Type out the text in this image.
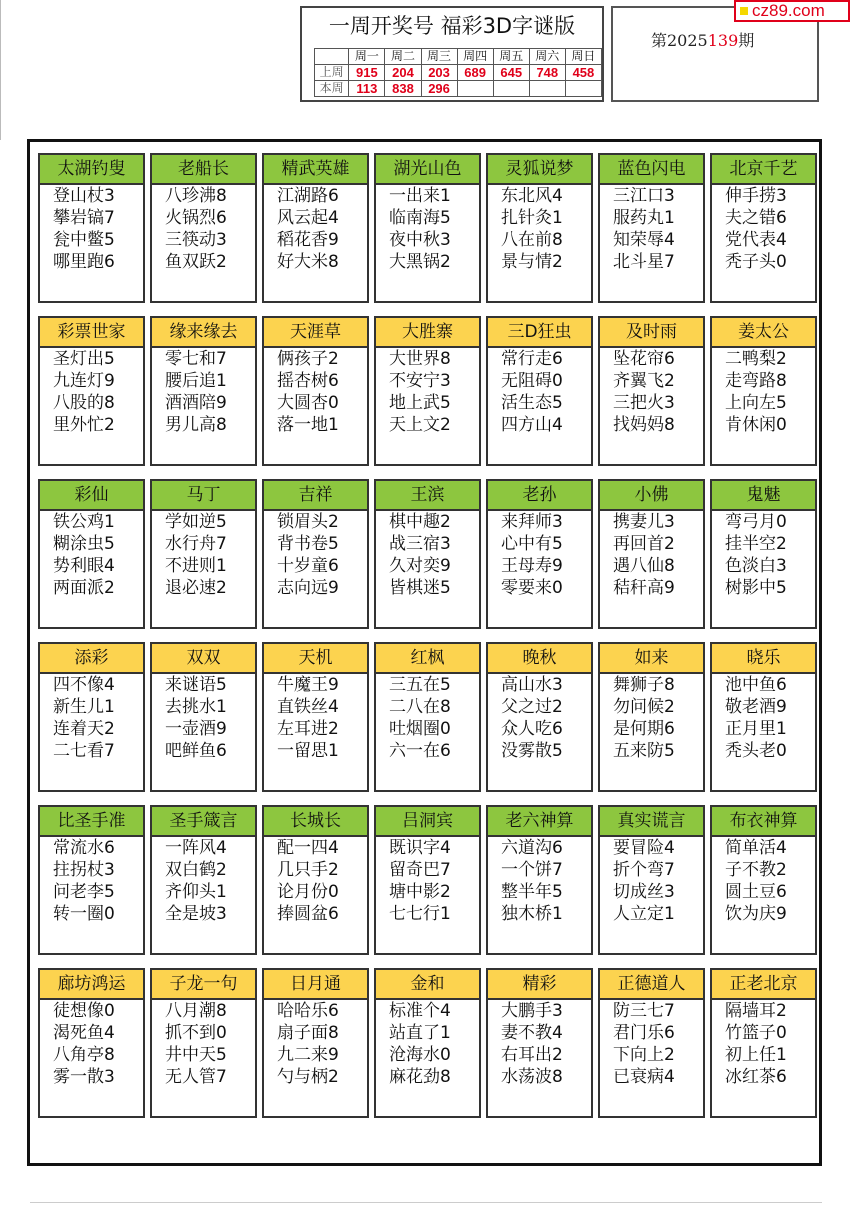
一周开奖号 福彩3D字谜版
	周一	周二	周三	周四	周五	周六	周日
上周	915	204	203	689	645	748	458
本周	113	838	296				
第2025139期
cz89.com
太湖钓叟
登山杖3
攀岩镐7
瓮中鳖5
哪里跑6
老船长
八珍沸8
火锅烈6
三筷动3
鱼双跃2
精武英雄
江湖路6
风云起4
稻花香9
好大米8
湖光山色
一出来1
临南海5
夜中秋3
大黑锅2
灵狐说梦
东北风4
扎针灸1
八在前8
景与情2
蓝色闪电
三江口3
服药丸1
知荣辱4
北斗星7
北京千艺
伸手捞3
夫之错6
党代表4
秃子头0
彩票世家
圣灯出5
九连灯9
八股的8
里外忙2
缘来缘去
零七和7
腰后追1
酒酒陪9
男儿高8
天涯草
俩孩子2
摇杏树6
大圆杏0
落一地1
大胜寨
大世界8
不安宁3
地上武5
天上文2
三D狂虫
常行走6
无阻碍0
活生态5
四方山4
及时雨
坠花帘6
齐翼飞2
三把火3
找妈妈8
姜太公
二鸭梨2
走弯路8
上向左5
肯休闲0
彩仙
铁公鸡1
糊涂虫5
势利眼4
两面派2
马丁
学如逆5
水行舟7
不进则1
退必速2
吉祥
锁眉头2
背书卷5
十岁童6
志向远9
王滨
棋中趣2
战三宿3
久对奕9
皆棋迷5
老孙
来拜师3
心中有5
王母寿9
零要来0
小佛
携妻儿3
再回首2
遇八仙8
秸秆高9
鬼魅
弯弓月0
挂半空2
色淡白3
树影中5
添彩
四不像4
新生儿1
连着天2
二七看7
双双
来谜语5
去挑水1
一壶酒9
吧鲜鱼6
天机
牛魔王9
直铁丝4
左耳进2
一留思1
红枫
三五在5
二八在8
吐烟圈0
六一在6
晚秋
高山水3
父之过2
众人吃6
没雾散5
如来
舞狮子8
勿问候2
是何期6
五来防5
晓乐
池中鱼6
敬老酒9
正月里1
秃头老0
比圣手准
常流水6
拄拐杖3
问老李5
转一圈0
圣手箴言
一阵风4
双白鹤2
齐仰头1
全是坡3
长城长
配一四4
几只手2
论月份0
捧圆盆6
吕洞宾
既识字4
留奇巴7
塘中影2
七七行1
老六神算
六道沟6
一个饼7
整半年5
独木桥1
真实谎言
要冒险4
折个弯7
切成丝3
人立定1
布衣神算
简单活4
子不教2
圆土豆6
饮为庆9
廊坊鸿运
徒想像0
渴死鱼4
八角亭8
雾一散3
子龙一句
八月潮8
抓不到0
井中天5
无人管7
日月通
哈哈乐6
扇子面8
九二来9
勺与柄2
金和
标准个4
站直了1
沧海水0
麻花劲8
精彩
大鹏手3
妻不教4
右耳出2
水荡波8
正德道人
防三七7
君门乐6
下向上2
已衰病4
正老北京
隔墙耳2
竹篮子0
初上任1
冰红茶6
